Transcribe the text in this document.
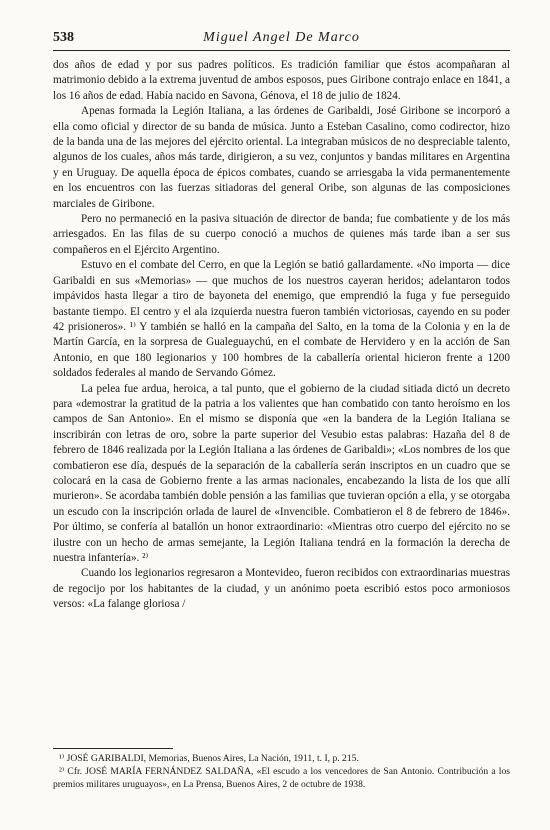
538	Miguel Angel De Marco

dos años de edad y por sus padres políticos. Es tradición familiar que éstos acompañaran al matrimonio debido a la extrema juventud de ambos esposos, pues Giribone contrajo enlace en 1841, a los 16 años de edad. Había nacido en Savona, Génova, el 18 de julio de 1824.

Apenas formada la Legión Italiana, a las órdenes de Garibaldi, José Giribone se incorporó a ella como oficial y director de su banda de música. Junto a Esteban Casalino, como codirector, hizo de la banda una de las mejores del ejército oriental. La integraban músicos de no despreciable talento, algunos de los cuales, años más tarde, dirigieron, a su vez, conjuntos y bandas militares en Argentina y en Uruguay. De aquella época de épicos combates, cuando se arriesgaba la vida permanentemente en los encuentros con las fuerzas sitiadoras del general Oribe, son algunas de las composiciones marciales de Giribone.

Pero no permaneció en la pasiva situación de director de banda; fue combatiente y de los más arriesgados. En las filas de su cuerpo conoció a muchos de quienes más tarde iban a ser sus compañeros en el Ejército Argentino.

Estuvo en el combate del Cerro, en que la Legión se batió gallardamente. «No importa — dice Garibaldi en sus «Memorias» — que muchos de los nuestros cayeran heridos; adelantaron todos impávidos hasta llegar a tiro de bayoneta del enemigo, que emprendió la fuga y fue perseguido bastante tiempo. El centro y el ala izquierda nuestra fueron también victoriosas, cayendo en su poder 42 prisioneros». ¹⁾ Y también se halló en la campaña del Salto, en la toma de la Colonia y en la de Martín García, en la sorpresa de Gualeguaychú, en el combate de Hervidero y en la acción de San Antonio, en que 180 legionarios y 100 hombres de la caballería oriental hicieron frente a 1200 soldados federales al mando de Servando Gómez.

La pelea fue ardua, heroica, a tal punto, que el gobierno de la ciudad sitiada dictó un decreto para «demostrar la gratitud de la patria a los valientes que han combatido con tanto heroísmo en los campos de San Antonio». En el mismo se disponía que «en la bandera de la Legión Italiana se inscribirán con letras de oro, sobre la parte superior del Vesubio estas palabras: Hazaña del 8 de febrero de 1846 realizada por la Legión Italiana a las órdenes de Garibaldi»; «Los nombres de los que combatieron ese día, después de la separación de la caballería serán inscriptos en un cuadro que se colocará en la casa de Gobierno frente a las armas nacionales, encabezando la lista de los que allí murieron». Se acordaba también doble pensión a las familias que tuvieran opción a ella, y se otorgaba un escudo con la inscripción orlada de laurel de «Invencible. Combatieron el 8 de febrero de 1846». Por último, se confería al batallón un honor extraordinario: «Mientras otro cuerpo del ejército no se ilustre con un hecho de armas semejante, la Legión Italiana tendrá en la formación la derecha de nuestra infantería». ²⁾

Cuando los legionarios regresaron a Montevideo, fueron recibidos con extraordinarias muestras de regocijo por los habitantes de la ciudad, y un anónimo poeta escribió estos poco armoniosos versos: «La falange gloriosa /

¹⁾ JOSÉ GARIBALDI, Memorias, Buenos Aires, La Nación, 1911, t. I, p. 215.

²⁾ Cfr. JOSÉ MARÍA FERNÁNDEZ SALDAÑA, «El escudo a los vencedores de San Antonio. Contribución a los premios militares uruguayos», en La Prensa, Buenos Aires, 2 de octubre de 1938.
